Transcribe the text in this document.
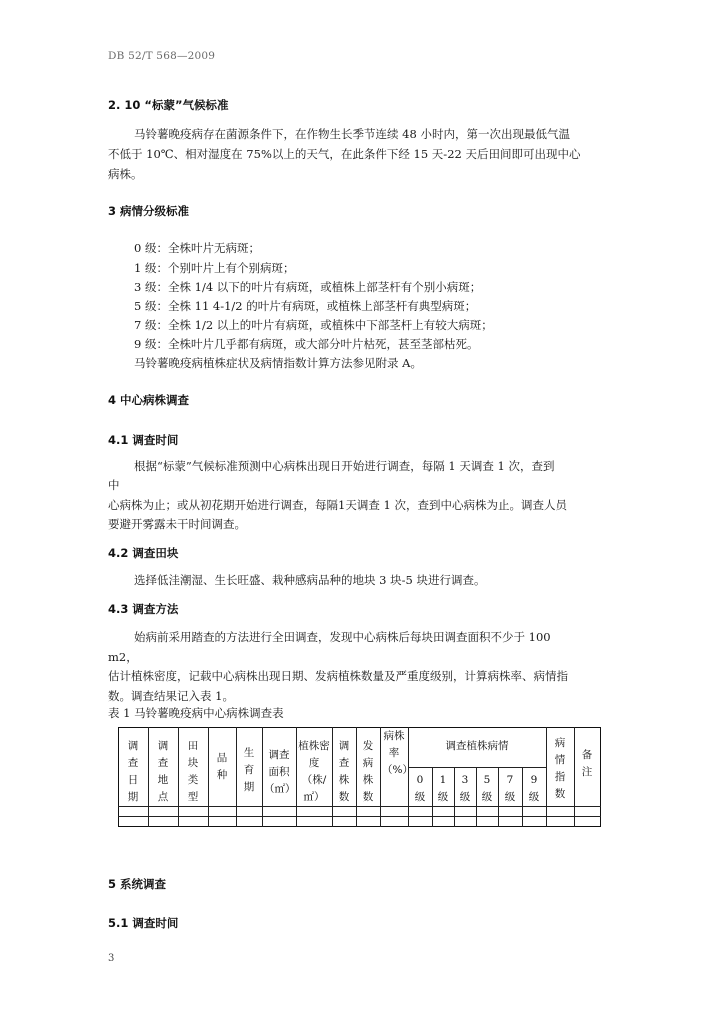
DB 52/T 568—2009
2. 10 “标蒙”气候标准
马铃薯晚疫病存在菌源条件下，在作物生长季节连续 48 小时内，第一次出现最低气温
不低于 10℃、相对湿度在 75%以上的天气，在此条件下经 15 天-22 天后田间即可出现中心
病株。
3 病情分级标准
0 级：全株叶片无病斑；
1 级：个别叶片上有个别病斑；
3 级：全株 1/4 以下的叶片有病斑，或植株上部茎杆有个别小病斑；
5 级：全株 11 4-1/2 的叶片有病斑，或植株上部茎杆有典型病斑；
7 级：全株 1/2 以上的叶片有病斑，或植株中下部茎杆上有较大病斑；
9 级：全株叶片几乎都有病斑，或大部分叶片枯死，甚至茎部枯死。
马铃薯晚疫病植株症状及病情指数计算方法参见附录 A。
4 中心病株调查
4.1 调查时间
根据“标蒙”气候标准预测中心病株出现日开始进行调查，每隔 1 天调查 1 次，查到
中
心病株为止；或从初花期开始进行调查，每隔1天调查 1 次，查到中心病株为止。调查人员
要避开雾露未干时间调查。
4.2 调查田块
选择低洼潮湿、生长旺盛、栽种感病品种的地块 3 块-5 块进行调查。
4.3 调查方法
始病前采用踏查的方法进行全田调查，发现中心病株后每块田调查面积不少于 100
m2，
估计植株密度，记载中心病株出现日期、发病植株数量及严重度级别，计算病株率、病情指
数。调查结果记入表 1。
表 1 马铃薯晚疫病中心病株调查表
调查日期
调查地点
田块类型
品种
生育期
调查面积（㎡）
植株密度（株/㎡）
调查株数
发病株数
病株率（%）
调查植株病情	病情指数
备注
0级
1级
3级
5级
7级
9级
5 系统调查
5.1 调查时间
3
